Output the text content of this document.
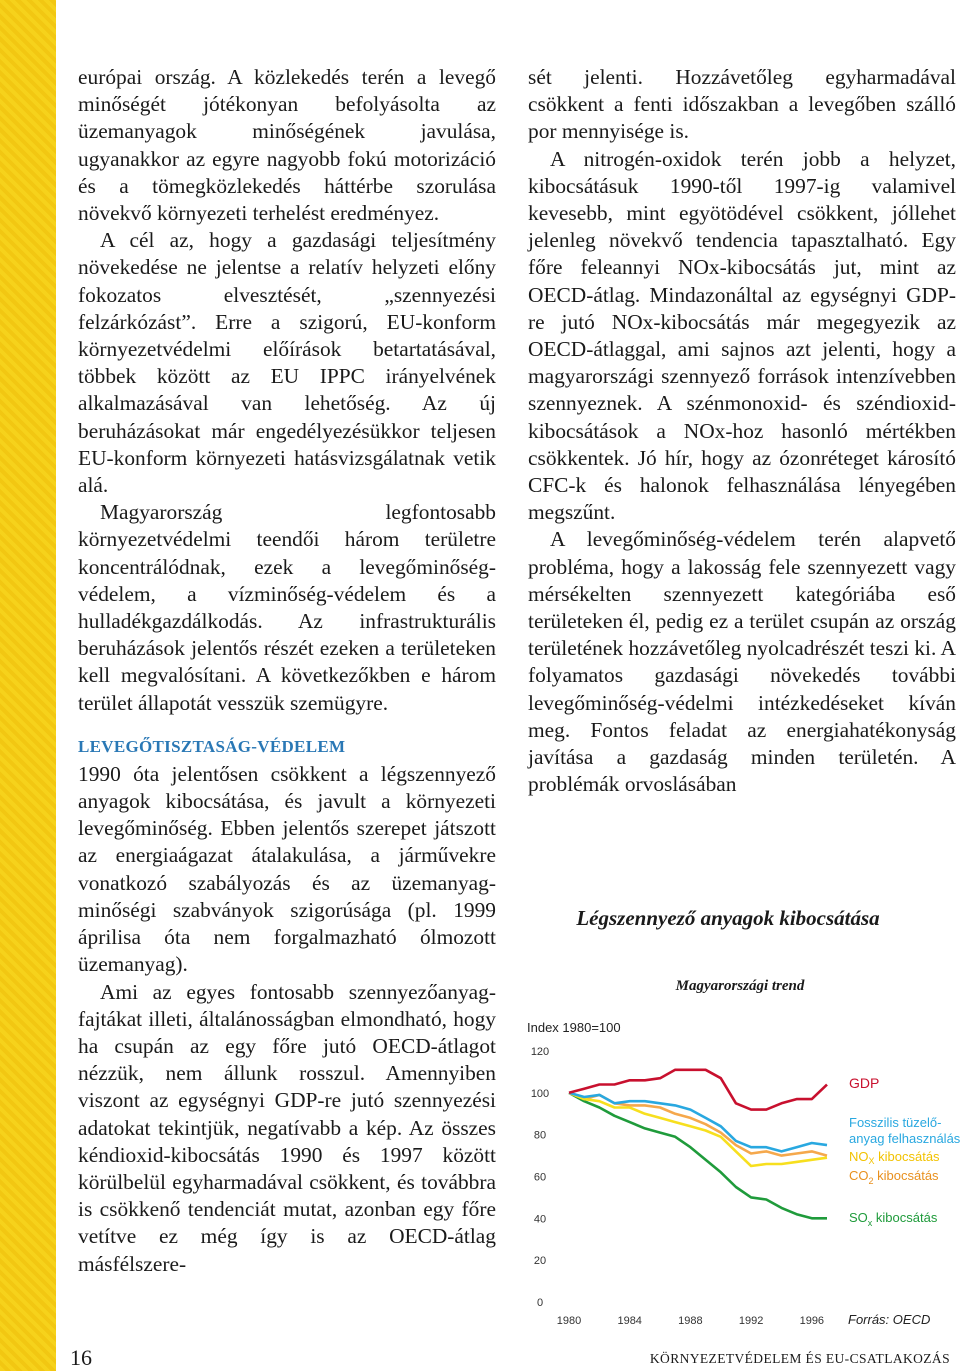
európai ország. A közlekedés terén a levegő minőségét jótékonyan befolyásolta az üzemanyagok minőségének javulása, ugyanakkor az egyre nagyobb fokú motorizáció és a tömegközlekedés háttérbe szorulása növekvő környezeti terhelést eredményez.

A cél az, hogy a gazdasági teljesítmény növekedése ne jelentse a relatív helyzeti előny fokozatos elvesztését, „szennyezési felzárkózást”. Erre a szigorú, EU-konform környezetvédelmi előírások betartatásával, többek között az EU IPPC irányelvének alkalmazásával van lehetőség. Az új beruházásokat már engedélyezésükkor teljesen EU-konform környezeti hatásvizsgálatnak vetik alá.

Magyarország legfontosabb környezetvédelmi teendői három területre koncentrálódnak, ezek a levegőminőség-védelem, a vízminőség-védelem és a hulladékgazdálkodás. Az infrastrukturális beruházások jelentős részét ezeken a területeken kell megvalósítani. A következőkben e három terület állapotát vesszük szemügyre.

LEVEGŐTISZTASÁG-VÉDELEM

1990 óta jelentősen csökkent a légszennyező anyagok kibocsátása, és javult a környezeti levegőminőség. Ebben jelentős szerepet játszott az energiaágazat átalakulása, a járművekre vonatkozó szabályozás és az üzemanyag-minőségi szabványok szigorúsága (pl. 1999 áprilisa óta nem forgalmazható ólmozott üzemanyag).

Ami az egyes fontosabb szennyezőanyag-fajtákat illeti, általánosságban elmondható, hogy ha csupán az egy főre jutó OECD-átlagot nézzük, nem állunk rosszul. Amennyiben viszont az egységnyi GDP-re jutó szennyezési adatokat tekintjük, negatívabb a kép. Az összes kéndioxid-kibocsátás 1990 és 1997 között körülbelül egyharmadával csökkent, és továbbra is csökkenő tendenciát mutat, azonban egy főre vetítve ez még így is az OECD-átlag másfélszere-

sét jelenti. Hozzávetőleg egyharmadával csökkent a fenti időszakban a levegőben szálló por mennyisége is.

A nitrogén-oxidok terén jobb a helyzet, kibocsátásuk 1990-től 1997-ig valamivel kevesebb, mint egyötödével csökkent, jóllehet jelenleg növekvő tendencia tapasztalható. Egy főre feleannyi NOx-kibocsátás jut, mint az OECD-átlag. Mindazonáltal az egységnyi GDP-re jutó NOx-kibocsátás már megegyezik az OECD-átlaggal, ami sajnos azt jelenti, hogy a magyarországi szennyező források intenzívebben szennyeznek. A szénmonoxid- és széndioxid-kibocsátások a NOx-hoz hasonló mértékben csökkentek. Jó hír, hogy az ózonréteget károsító CFC-k és halonok felhasználása lényegében megszűnt.

A levegőminőség-védelem terén alapvető probléma, hogy a lakosság fele szennyezett vagy mérsékelten szennyezett kategóriába eső területeken él, pedig ez a terület csupán az ország területének hozzávetőleg nyolcadrészét teszi ki. A folyamatos gazdasági növekedés további levegőminőség-védelmi intézkedéseket kíván meg. Fontos feladat az energiahatékonyság javítása a gazdaság minden területén. A problémák orvoslásában

Légszennyező anyagok kibocsátása
Magyarországi trend
Index 1980=100
0
20
40
60
80
100
120
1980	1984	1988	1992	1996
GDP
Fosszilis tüzelő-
anyag felhasználás
$NO_X$ kibocsátás
$CO_2$ kibocsátás
$SO_x$ kibocsátás
Forrás: OECD
16	KÖRNYEZETVÉDELEM ÉS EU-CSATLAKOZÁS
